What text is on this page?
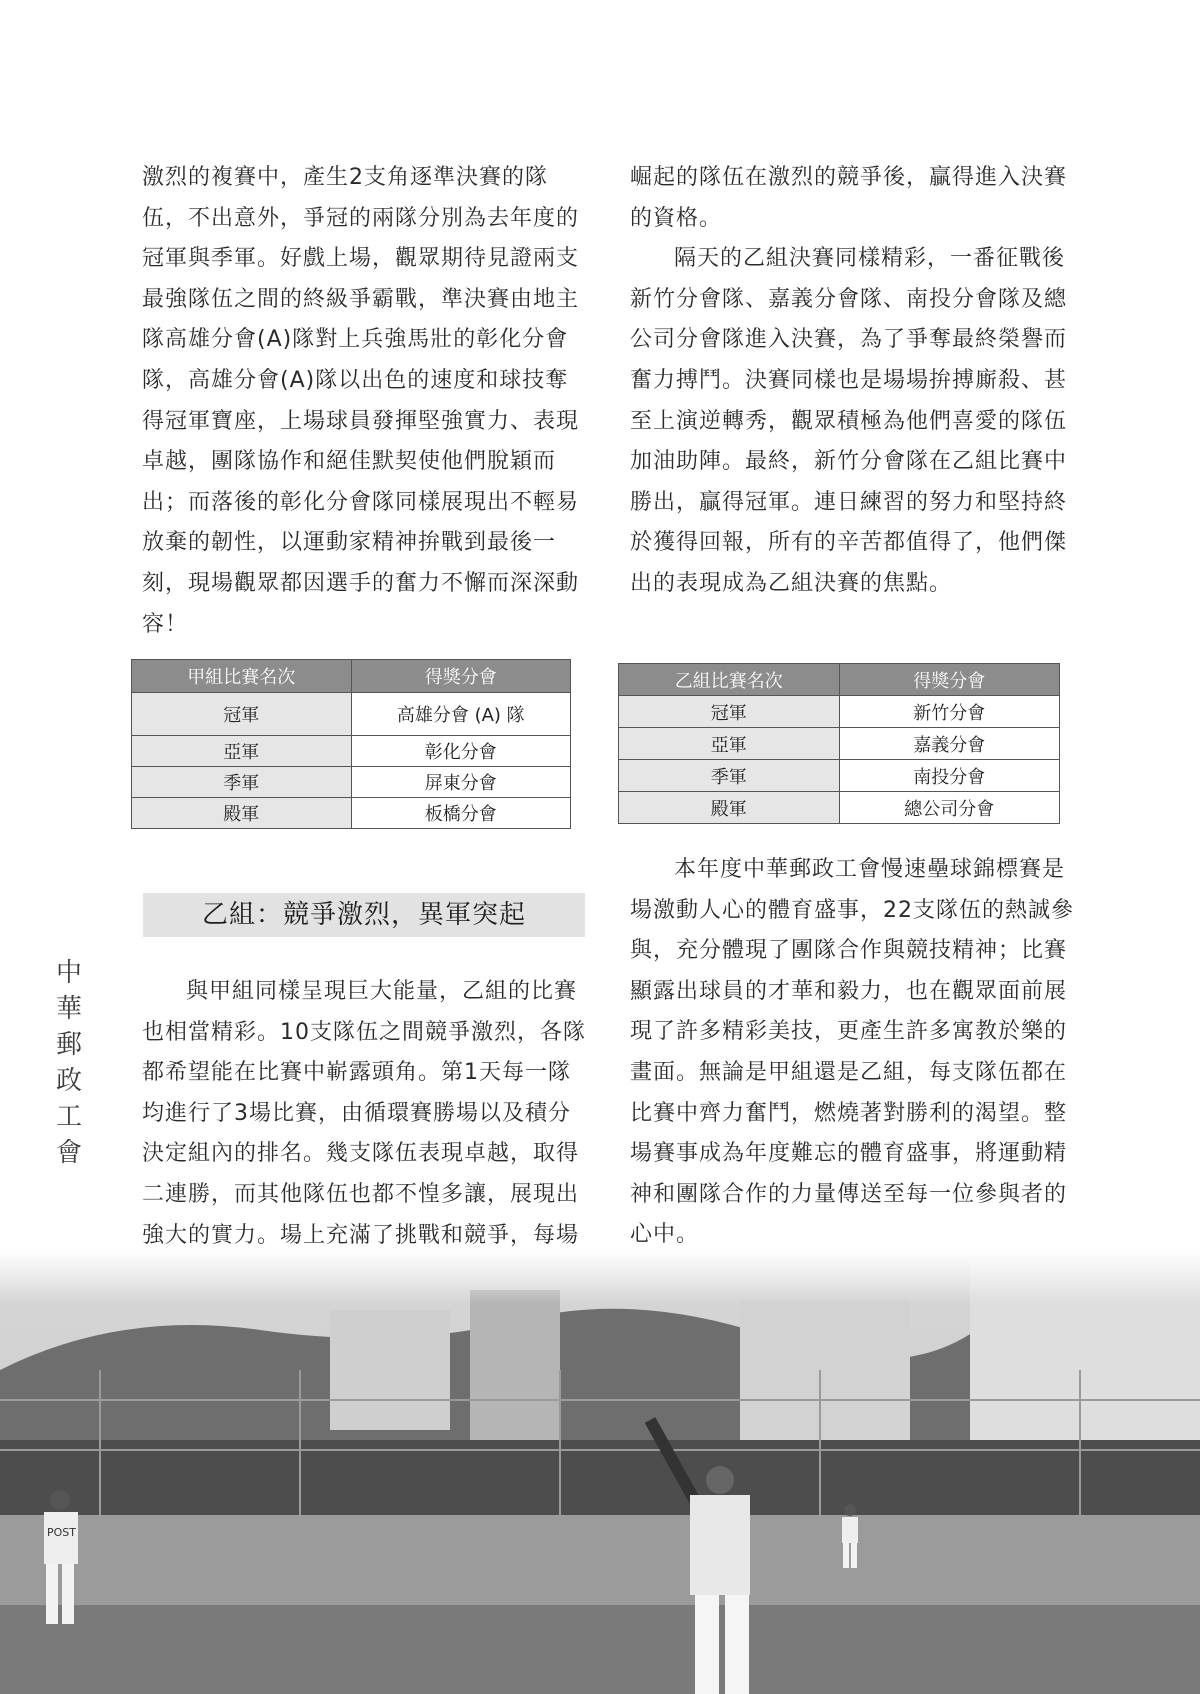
中
華
郵
政
工
會

激烈的複賽中，產生2支角逐準決賽的隊伍，不出意外，爭冠的兩隊分別為去年度的冠軍與季軍。好戲上場，觀眾期待見證兩支最強隊伍之間的終級爭霸戰，準決賽由地主隊高雄分會(A)隊對上兵強馬壯的彰化分會隊，高雄分會(A)隊以出色的速度和球技奪得冠軍寶座，上場球員發揮堅強實力、表現卓越，團隊協作和絕佳默契使他們脫穎而出；而落後的彰化分會隊同樣展現出不輕易放棄的韌性，以運動家精神拚戰到最後一刻，現場觀眾都因選手的奮力不懈而深深動容！

甲組比賽名次	得獎分會
冠軍	高雄分會 (A) 隊
亞軍	彰化分會
季軍	屏東分會
殿軍	板橋分會
乙組：競爭激烈，異軍突起

與甲組同樣呈現巨大能量，乙組的比賽也相當精彩。10支隊伍之間競爭激烈，各隊都希望能在比賽中嶄露頭角。第1天每一隊均進行了3場比賽，由循環賽勝場以及積分決定組內的排名。幾支隊伍表現卓越，取得二連勝，而其他隊伍也都不惶多讓，展現出強大的實力。場上充滿了挑戰和競爭，每場

崛起的隊伍在激烈的競爭後，贏得進入決賽的資格。

隔天的乙組決賽同樣精彩，一番征戰後新竹分會隊、嘉義分會隊、南投分會隊及總公司分會隊進入決賽，為了爭奪最終榮譽而奮力搏鬥。決賽同樣也是場場拚搏廝殺、甚至上演逆轉秀，觀眾積極為他們喜愛的隊伍加油助陣。最終，新竹分會隊在乙組比賽中勝出，贏得冠軍。連日練習的努力和堅持終於獲得回報，所有的辛苦都值得了，他們傑出的表現成為乙組決賽的焦點。

乙組比賽名次	得獎分會
冠軍	新竹分會
亞軍	嘉義分會
季軍	南投分會
殿軍	總公司分會

本年度中華郵政工會慢速壘球錦標賽是場激動人心的體育盛事，22支隊伍的熱誠參與，充分體現了團隊合作與競技精神；比賽顯露出球員的才華和毅力，也在觀眾面前展現了許多精彩美技，更產生許多寓教於樂的畫面。無論是甲組還是乙組，每支隊伍都在比賽中齊力奮鬥，燃燒著對勝利的渴望。整場賽事成為年度難忘的體育盛事，將運動精神和團隊合作的力量傳送至每一位參與者的心中。
